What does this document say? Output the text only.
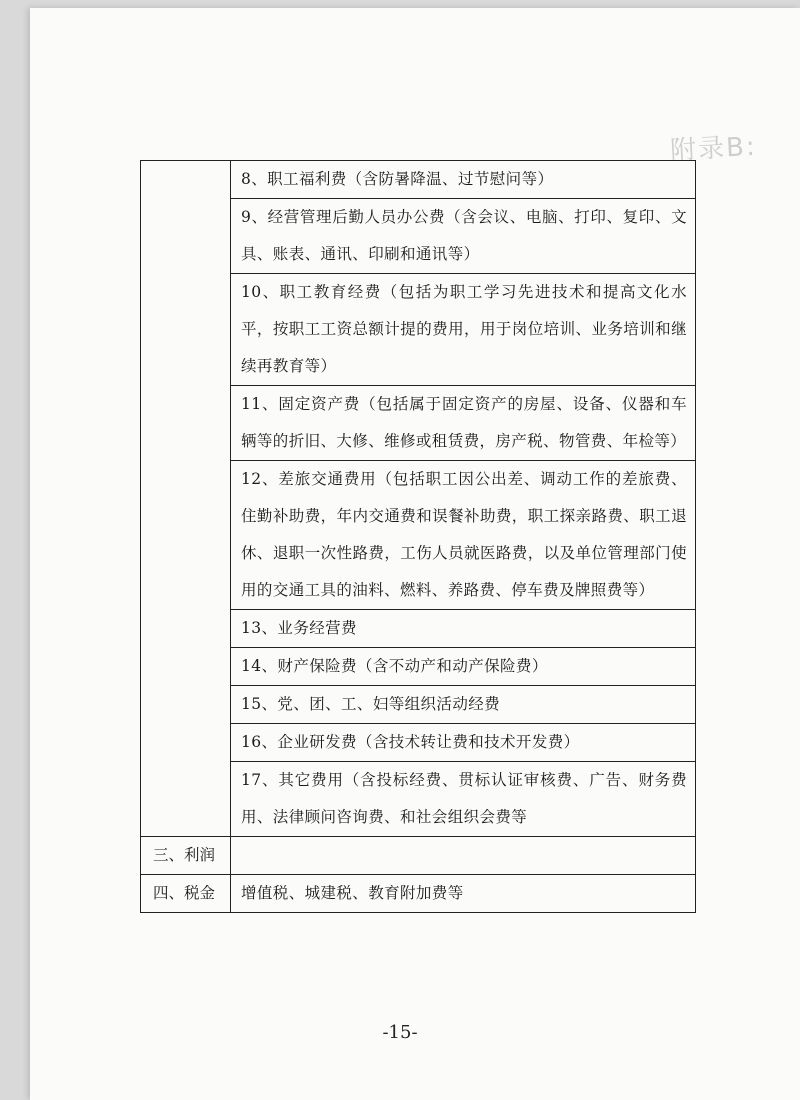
附录B:

	8、职工福利费（含防暑降温、过节慰问等）

	9、经营管理后勤人员办公费（含会议、电脑、打印、复印、文具、账表、通讯、印刷和通讯等）

	10、职工教育经费（包括为职工学习先进技术和提高文化水平，按职工工资总额计提的费用，用于岗位培训、业务培训和继续再教育等）

	11、固定资产费（包括属于固定资产的房屋、设备、仪器和车辆等的折旧、大修、维修或租赁费，房产税、物管费、年检等）

	12、差旅交通费用（包括职工因公出差、调动工作的差旅费、住勤补助费，年内交通费和误餐补助费，职工探亲路费、职工退休、退职一次性路费，工伤人员就医路费，以及单位管理部门使用的交通工具的油料、燃料、养路费、停车费及牌照费等）

	13、业务经营费

	14、财产保险费（含不动产和动产保险费）

	15、党、团、工、妇等组织活动经费

	16、企业研发费（含技术转让费和技术开发费）

	17、其它费用（含投标经费、贯标认证审核费、广告、财务费用、法律顾问咨询费、和社会组织会费等

三、利润	

四、税金	增值税、城建税、教育附加费等
-15-
